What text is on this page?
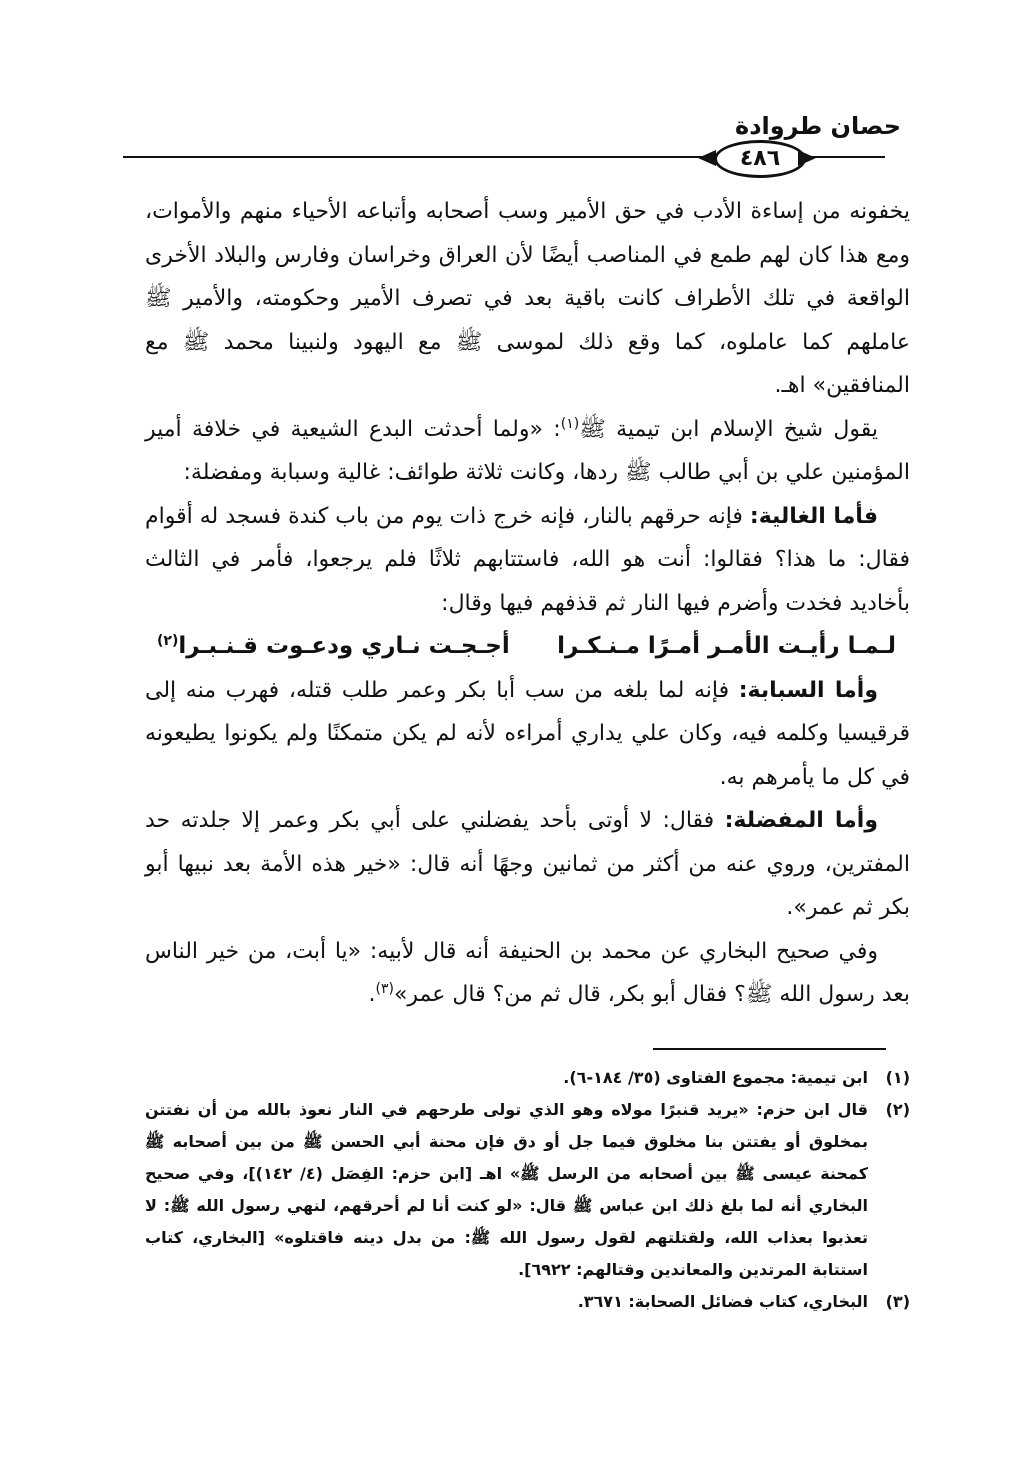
حصان طروادة
٤٨٦

يخفونه من إساءة الأدب في حق الأمير وسب أصحابه وأتباعه الأحياء منهم والأموات، ومع هذا كان لهم طمع في المناصب أيضًا لأن العراق وخراسان وفارس والبلاد الأخرى الواقعة في تلك الأطراف كانت باقية بعد في تصرف الأمير وحكومته، والأمير ﷺ عاملهم كما عاملوه، كما وقع ذلك لموسى ﷺ مع اليهود ولنبينا محمد ﷺ مع المنافقين» اهـ.

يقول شيخ الإسلام ابن تيمية ﷺ$^{(١)}$: «ولما أحدثت البدع الشيعية في خلافة أمير المؤمنين علي بن أبي طالب ﷺ ردها، وكانت ثلاثة طوائف: غالية وسبابة ومفضلة:

فأما الغالية: فإنه حرقهم بالنار، فإنه خرج ذات يوم من باب كندة فسجد له أقوام فقال: ما هذا؟ فقالوا: أنت هو الله، فاستتابهم ثلاثًا فلم يرجعوا، فأمر في الثالث بأخاديد فخدت وأضرم فيها النار ثم قذفهم فيها وقال:

لـمـا رأيـت الأمـر أمـرًا مـنـكـرا
أجـجـت نـاري ودعـوت قـنـبـرا$^{(٢)}$

وأما السبابة: فإنه لما بلغه من سب أبا بكر وعمر طلب قتله، فهرب منه إلى قرقيسيا وكلمه فيه، وكان علي يداري أمراءه لأنه لم يكن متمكنًا ولم يكونوا يطيعونه في كل ما يأمرهم به.

وأما المفضلة: فقال: لا أوتى بأحد يفضلني على أبي بكر وعمر إلا جلدته حد المفترين، وروي عنه من أكثر من ثمانين وجهًا أنه قال: «خير هذه الأمة بعد نبيها أبو بكر ثم عمر».

وفي صحيح البخاري عن محمد بن الحنيفة أنه قال لأبيه: «يا أبت، من خير الناس بعد رسول الله ﷺ؟ فقال أبو بكر، قال ثم من؟ قال عمر»$^{(٣)}$.

(١)
ابن تيمية: مجموع الفتاوى (٣٥/ ١٨٤-٦).
(٢)
قال ابن حزم: «يريد قنبرًا مولاه وهو الذي تولى طرحهم في النار نعوذ بالله من أن نفتتن بمخلوق أو يفتتن بنا مخلوق فيما جل أو دق فإن محنة أبي الحسن ﷺ من بين أصحابه ﷺ كمحنة عيسى ﷺ بين أصحابه من الرسل ﷺ» اهـ [ابن حزم: الفِصَل (٤/ ١٤٢)]، وفي صحيح البخاري أنه لما بلغ ذلك ابن عباس ﷺ قال: «لو كنت أنا لم أحرقهم، لنهي رسول الله ﷺ: لا تعذبوا بعذاب الله، ولقتلتهم لقول رسول الله ﷺ: من بدل دينه فاقتلوه» [البخاري، كتاب استتابة المرتدين والمعاندين وقتالهم: ٦٩٢٢].
(٣)
البخاري، كتاب فضائل الصحابة: ٣٦٧١.
